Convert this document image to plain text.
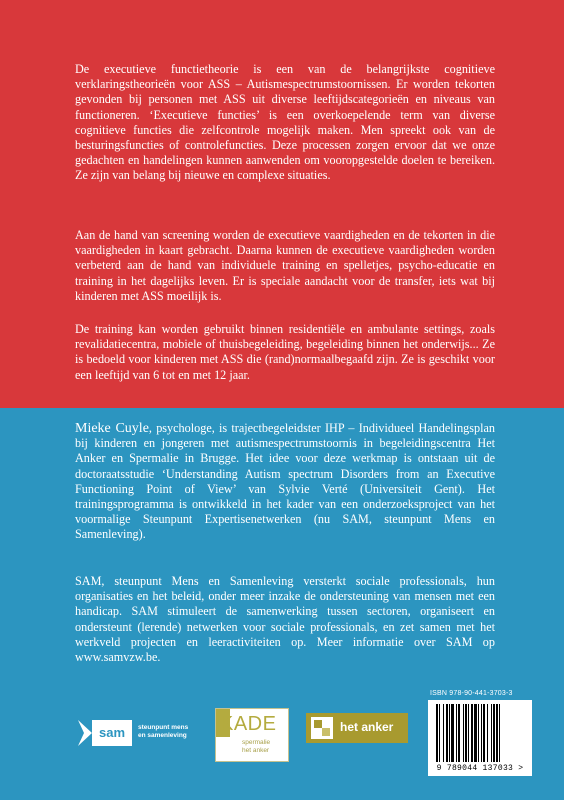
De executieve functietheorie is een van de belangrijkste cognitieve verklaringstheorieën voor ASS – Autismespectrumstoornissen. Er worden tekorten gevonden bij personen met ASS uit diverse leeftijdscategorieën en niveaus van functioneren. ‘Executieve functies’ is een overkoepelende term van diverse cognitieve functies die zelfcontrole mogelijk maken. Men spreekt ook van de besturingsfuncties of controlefuncties. Deze processen zorgen ervoor dat we onze gedachten en handelingen kunnen aanwenden om vooropgestelde doelen te bereiken. Ze zijn van belang bij nieuwe en complexe situaties.

Aan de hand van screening worden de executieve vaardigheden en de tekorten in die vaardigheden in kaart gebracht. Daarna kunnen de executieve vaardigheden worden verbeterd aan de hand van individuele training en spelletjes, psycho-educatie en training in het dagelijks leven. Er is speciale aandacht voor de transfer, iets wat bij kinderen met ASS moeilijk is.

De training kan worden gebruikt binnen residentiële en ambulante settings, zoals revalidatiecentra, mobiele of thuisbegeleiding, begeleiding binnen het onderwijs... Ze is bedoeld voor kinderen met ASS die (rand)normaalbegaafd zijn. Ze is geschikt voor een leeftijd van 6 tot en met 12 jaar.

Mieke Cuyle, psychologe, is trajectbegeleidster IHP – Individueel Handelingsplan bij kinderen en jongeren met autismespectrumstoornis in begeleidingscentra Het Anker en Spermalie in Brugge. Het idee voor deze werkmap is ontstaan uit de doctoraatsstudie ‘Understanding Autism spectrum Disorders from an Executive Functioning Point of View’ van Sylvie Verté (Universiteit Gent). Het trainingsprogramma is ontwikkeld in het kader van een onderzoeksproject van het voormalige Steunpunt Expertisenetwerken (nu SAM, steunpunt Mens en Samenleving).

SAM, steunpunt Mens en Samenleving versterkt sociale professionals, hun organisaties en het beleid, onder meer inzake de ondersteuning van mensen met een handicap. SAM stimuleert de samenwerking tussen sectoren, organiseert en ondersteunt (lerende) netwerken voor sociale professionals, en zet samen met het werkveld projecten en leeractiviteiten op. Meer informatie over SAM op www.samvzw.be.

ISBN 978-90-441-3703-3
9 789044 137033 >
sam	steunpunt mens
en samenleving
KADE
spermalie
het anker
het anker
